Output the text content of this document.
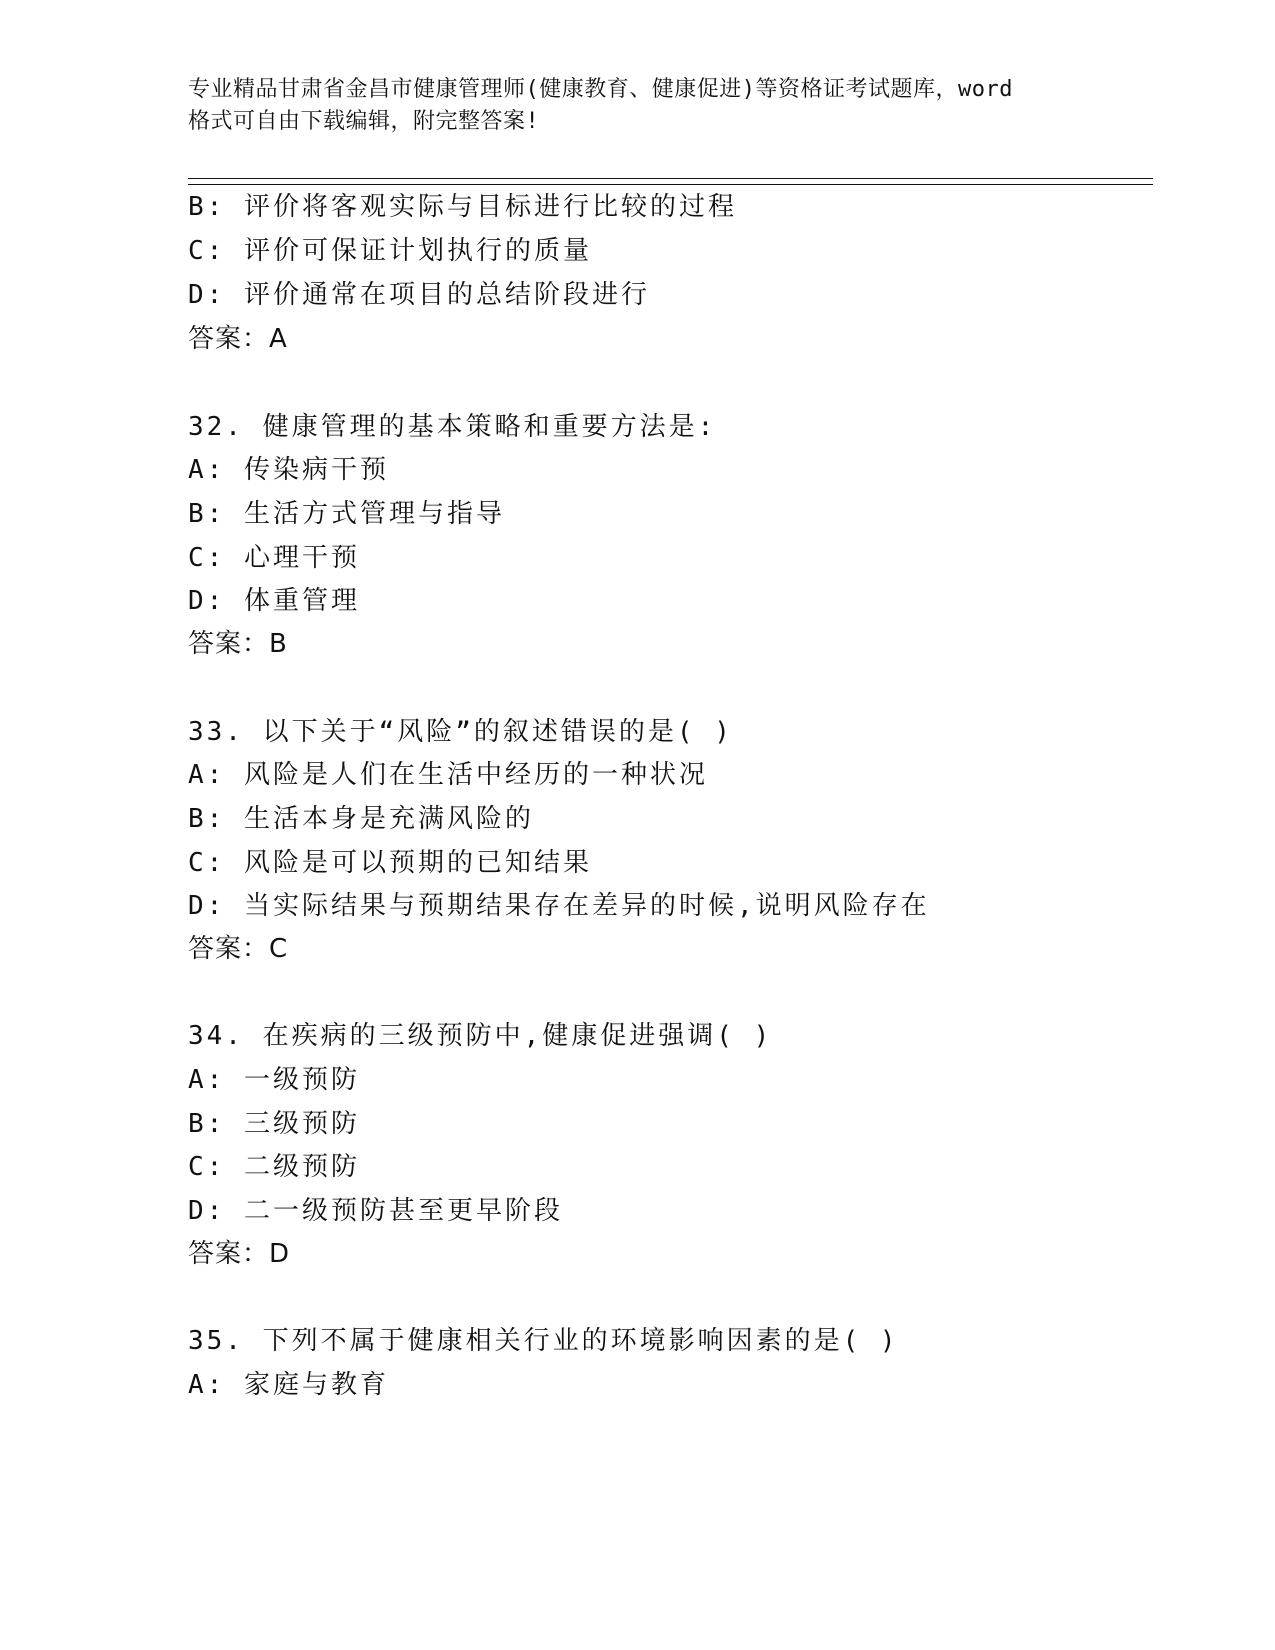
专业精品甘肃省金昌市健康管理师(健康教育、健康促进)等资格证考试题库，word
格式可自由下载编辑，附完整答案!
B: 评价将客观实际与目标进行比较的过程
C: 评价可保证计划执行的质量
D: 评价通常在项目的总结阶段进行
答案：A
32. 健康管理的基本策略和重要方法是:
A: 传染病干预
B: 生活方式管理与指导
C: 心理干预
D: 体重管理
答案：B
33. 以下关于“风险”的叙述错误的是( )
A: 风险是人们在生活中经历的一种状况
B: 生活本身是充满风险的
C: 风险是可以预期的已知结果
D: 当实际结果与预期结果存在差异的时候,说明风险存在
答案：C
34. 在疾病的三级预防中,健康促进强调( )
A: 一级预防
B: 三级预防
C: 二级预防
D: 二一级预防甚至更早阶段
答案：D
35. 下列不属于健康相关行业的环境影响因素的是( )
A: 家庭与教育
